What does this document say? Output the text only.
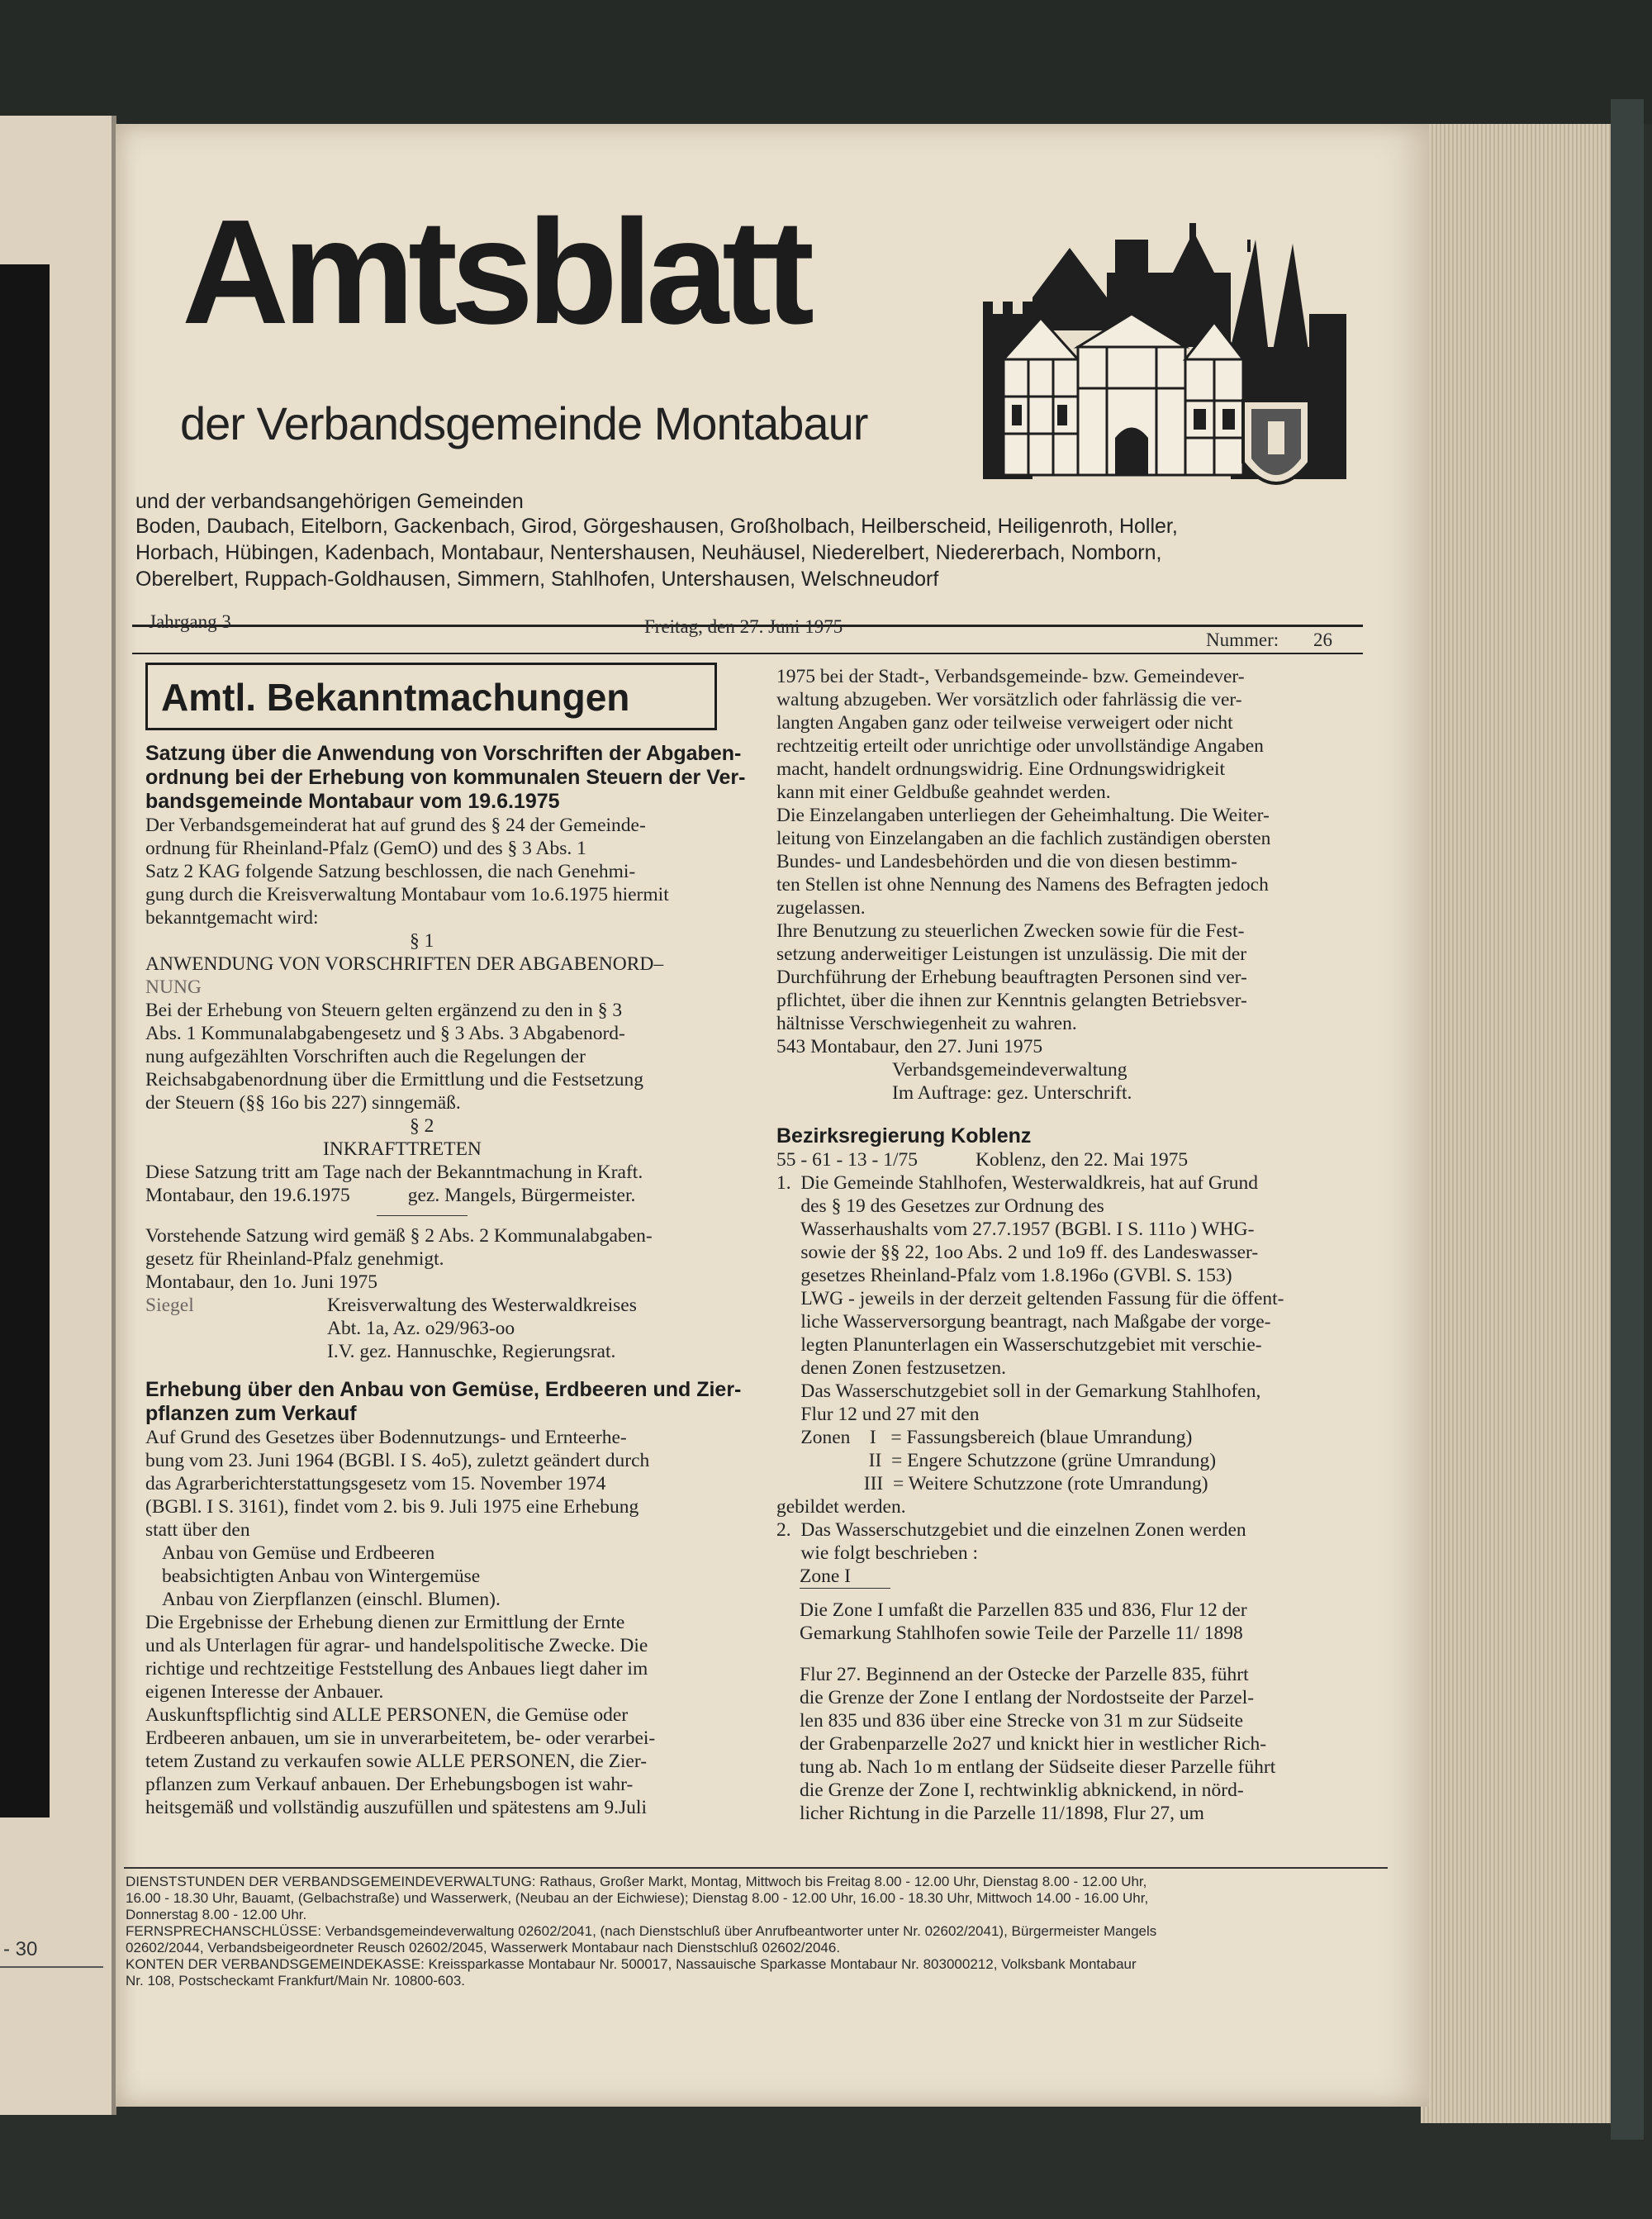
- 30
Amtsblatt

der Verbandsgemeinde Montabaur

und der verbandsangehörigen Gemeinden

Boden, Daubach, Eitelborn, Gackenbach, Girod, Görgeshausen, Großholbach, Heilberscheid, Heiligenroth, Holler,

Horbach, Hübingen, Kadenbach, Montabaur, Nentershausen, Neuhäusel, Niederelbert, Niedererbach, Nomborn,

Oberelbert, Ruppach-Goldhausen, Simmern, Stahlhofen, Untershausen, Welschneudorf

Jahrgang 3	Freitag, den 27. Juni 1975

Nummer: 26

Amtl. Bekanntmachungen

Satzung über die Anwendung von Vorschriften der Abgaben-

ordnung bei der Erhebung von kommunalen Steuern der Ver-

bandsgemeinde Montabaur vom 19.6.1975

Der Verbandsgemeinderat hat auf grund des § 24 der Gemeinde-

ordnung für Rheinland-Pfalz (GemO) und des § 3 Abs. 1

Satz 2 KAG folgende Satzung beschlossen, die nach Genehmi-

gung durch die Kreisverwaltung Montabaur vom 1o.6.1975 hiermit

bekanntgemacht wird:

§ 1

ANWENDUNG VON VORSCHRIFTEN DER ABGABENORD–

NUNG

Bei der Erhebung von Steuern gelten ergänzend zu den in § 3

Abs. 1 Kommunalabgabengesetz und § 3 Abs. 3 Abgabenord-

nung aufgezählten Vorschriften auch die Regelungen der

Reichsabgabenordnung über die Ermittlung und die Festsetzung

der Steuern (§§ 16o bis 227) sinngemäß.

§ 2

INKRAFTTRETEN

Diese Satzung tritt am Tage nach der Bekanntmachung in Kraft.

Montabaur, den 19.6.1975	gez. Mangels, Bürgermeister.

Vorstehende Satzung wird gemäß § 2 Abs. 2 Kommunalabgaben-

gesetz für Rheinland-Pfalz genehmigt.

Montabaur, den 1o. Juni 1975

Siegel	Kreisverwaltung des Westerwaldkreises

Abt. 1a, Az. o29/963-oo

I.V. gez. Hannuschke, Regierungsrat.

Erhebung über den Anbau von Gemüse, Erdbeeren und Zier-

pflanzen zum Verkauf

Auf Grund des Gesetzes über Bodennutzungs- und Ernteerhe-

bung vom 23. Juni 1964 (BGBl. I S. 4o5), zuletzt geändert durch

das Agrarberichterstattungsgesetz vom 15. November 1974

(BGBl. I S. 3161), findet vom 2. bis 9. Juli 1975 eine Erhebung

statt über den

Anbau von Gemüse und Erdbeeren

beabsichtigten Anbau von Wintergemüse

Anbau von Zierpflanzen (einschl. Blumen).

Die Ergebnisse der Erhebung dienen zur Ermittlung der Ernte

und als Unterlagen für agrar- und handelspolitische Zwecke. Die

richtige und rechtzeitige Feststellung des Anbaues liegt daher im

eigenen Interesse der Anbauer.

Auskunftspflichtig sind ALLE PERSONEN, die Gemüse oder

Erdbeeren anbauen, um sie in unverarbeitetem, be- oder verarbei-

tetem Zustand zu verkaufen sowie ALLE PERSONEN, die Zier-

pflanzen zum Verkauf anbauen. Der Erhebungsbogen ist wahr-

heitsgemäß und vollständig auszufüllen und spätestens am 9.Juli

1975 bei der Stadt-, Verbandsgemeinde- bzw. Gemeindever-

waltung abzugeben. Wer vorsätzlich oder fahrlässig die ver-

langten Angaben ganz oder teilweise verweigert oder nicht

rechtzeitig erteilt oder unrichtige oder unvollständige Angaben

macht, handelt ordnungswidrig. Eine Ordnungswidrigkeit

kann mit einer Geldbuße geahndet werden.

Die Einzelangaben unterliegen der Geheimhaltung. Die Weiter-

leitung von Einzelangaben an die fachlich zuständigen obersten

Bundes- und Landesbehörden und die von diesen bestimm-

ten Stellen ist ohne Nennung des Namens des Befragten jedoch

zugelassen.

Ihre Benutzung zu steuerlichen Zwecken sowie für die Fest-

setzung anderweitiger Leistungen ist unzulässig. Die mit der

Durchführung der Erhebung beauftragten Personen sind ver-

pflichtet, über die ihnen zur Kenntnis gelangten Betriebsver-

hältnisse Verschwiegenheit zu wahren.

543 Montabaur, den 27. Juni 1975

Verbandsgemeindeverwaltung

Im Auftrage: gez. Unterschrift.

Bezirksregierung Koblenz

55 - 61 - 13 - 1/75	Koblenz, den 22. Mai 1975

1.  Die Gemeinde Stahlhofen, Westerwaldkreis, hat auf Grund

des § 19 des Gesetzes zur Ordnung des

Wasserhaushalts vom 27.7.1957 (BGBl. I S. 111o ) WHG-

sowie der §§ 22, 1oo Abs. 2 und 1o9 ff. des Landeswasser-

gesetzes Rheinland-Pfalz vom 1.8.196o (GVBl. S. 153)

LWG - jeweils in der derzeit geltenden Fassung für die öffent-

liche Wasserversorgung beantragt, nach Maßgabe der vorge-

legten Planunterlagen ein Wasserschutzgebiet mit verschie-

denen Zonen festzusetzen.

Das Wasserschutzgebiet soll in der Gemarkung Stahlhofen,

Flur 12 und 27 mit den

Zonen    I   = Fassungsbereich (blaue Umrandung)

II  = Engere Schutzzone (grüne Umrandung)

III  = Weitere Schutzzone (rote Umrandung)

gebildet werden.

2.  Das Wasserschutzgebiet und die einzelnen Zonen werden

wie folgt beschrieben :

Zone I

Die Zone I umfaßt die Parzellen 835 und 836, Flur 12 der

Gemarkung Stahlhofen sowie Teile der Parzelle 11/ 1898

Flur 27. Beginnend an der Ostecke der Parzelle 835, führt

die Grenze der Zone I entlang der Nordostseite der Parzel-

len 835 und 836 über eine Strecke von 31 m zur Südseite

der Grabenparzelle 2o27 und knickt hier in westlicher Rich-

tung ab. Nach 1o m entlang der Südseite dieser Parzelle führt

die Grenze der Zone I, rechtwinklig abknickend, in nörd-

licher Richtung in die Parzelle 11/1898, Flur 27, um

DIENSTSTUNDEN DER VERBANDSGEMEINDEVERWALTUNG: Rathaus, Großer Markt, Montag, Mittwoch bis Freitag 8.00 - 12.00 Uhr, Dienstag 8.00 - 12.00 Uhr,

16.00 - 18.30 Uhr, Bauamt, (Gelbachstraße) und Wasserwerk, (Neubau an der Eichwiese); Dienstag 8.00 - 12.00 Uhr, 16.00 - 18.30 Uhr, Mittwoch 14.00 - 16.00 Uhr,

Donnerstag 8.00 - 12.00 Uhr.

FERNSPRECHANSCHLÜSSE: Verbandsgemeindeverwaltung 02602/2041, (nach Dienstschluß über Anrufbeantworter unter Nr. 02602/2041), Bürgermeister Mangels

02602/2044, Verbandsbeigeordneter Reusch 02602/2045, Wasserwerk Montabaur nach Dienstschluß 02602/2046.

KONTEN DER VERBANDSGEMEINDEKASSE: Kreissparkasse Montabaur Nr. 500017, Nassauische Sparkasse Montabaur Nr. 803000212, Volksbank Montabaur

Nr. 108, Postscheckamt Frankfurt/Main Nr. 10800-603.
